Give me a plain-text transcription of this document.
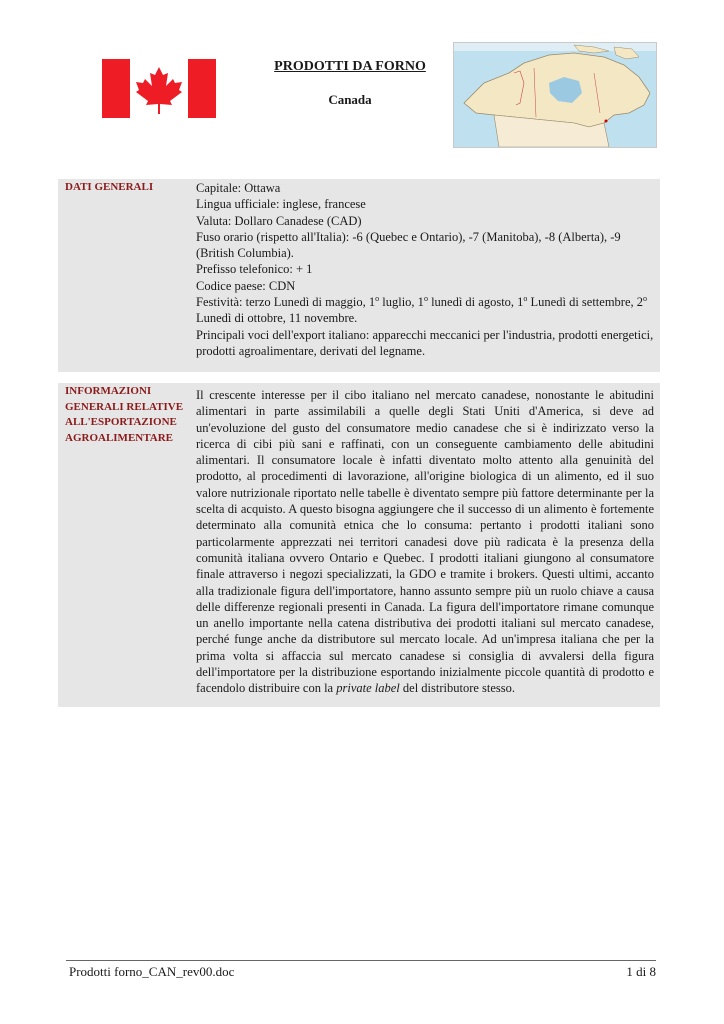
PRODOTTI DA FORNO
Canada
DATI GENERALI	Capitale: Ottawa
Lingua ufficiale: inglese, francese
Valuta: Dollaro Canadese (CAD)
Fuso orario (rispetto all'Italia): -6 (Quebec e Ontario), -7 (Manitoba), -8 (Alberta), -9 (British Columbia).
Prefisso telefonico: + 1
Codice paese: CDN
Festività: terzo Lunedì di maggio, 1$^o$ luglio, 1$^o$ lunedì di agosto, 1$^o$ Lunedì di settembre, 2$^o$ Lunedì di ottobre, 11 novembre.
Principali voci dell'export italiano: apparecchi meccanici per l'industria, prodotti energetici, prodotti agroalimentare, derivati del legname.
INFORMAZIONI GENERALI RELATIVE ALL'ESPORTAZIONE AGROALIMENTARE
Il crescente interesse per il cibo italiano nel mercato canadese, nonostante le abitudini alimentari in parte assimilabili a quelle degli Stati Uniti d'America, si deve ad un'evoluzione del gusto del consumatore medio canadese che si è indirizzato verso la ricerca di cibi più sani e raffinati, con un conseguente cambiamento delle abitudini alimentari. Il consumatore locale è infatti diventato molto attento alla genuinità del prodotto, al procedimenti di lavorazione, all'origine biologica di un alimento, ed il suo valore nutrizionale riportato nelle tabelle è diventato sempre più fattore determinante per la scelta di acquisto. A questo bisogna aggiungere che il successo di un alimento è fortemente determinato alla comunità etnica che lo consuma: pertanto i prodotti italiani sono particolarmente apprezzati nei territori canadesi dove più radicata è la presenza della comunità italiana ovvero Ontario e Quebec. I prodotti italiani giungono al consumatore finale attraverso i negozi specializzati, la GDO e tramite i brokers. Questi ultimi, accanto alla tradizionale figura dell'importatore, hanno assunto sempre più un ruolo chiave a causa delle differenze regionali presenti in Canada. La figura dell'importatore rimane comunque un anello importante nella catena distributiva dei prodotti italiani sul mercato canadese, perché funge anche da distributore sul mercato locale. Ad un'impresa italiana che per la prima volta si affaccia sul mercato canadese si consiglia di avvalersi della figura dell'importatore per la distribuzione esportando inizialmente piccole quantità di prodotto e facendolo distribuire con la private label del distributore stesso.
Prodotti forno_CAN_rev00.doc	1 di 8
